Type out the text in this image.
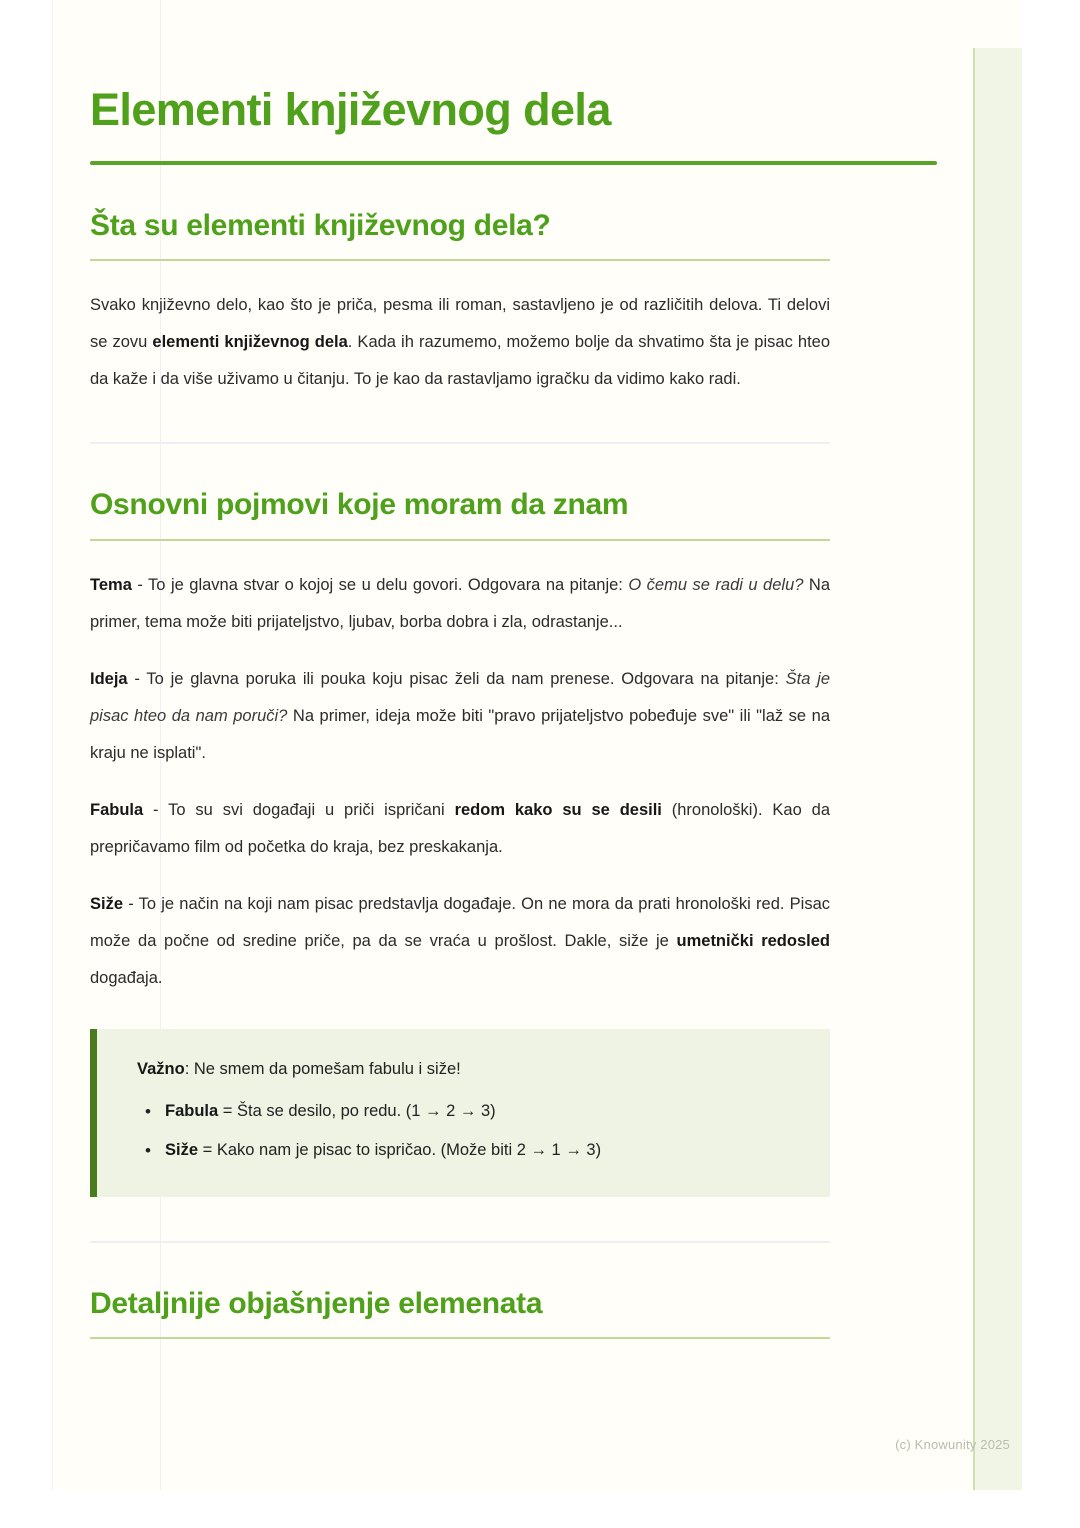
Elementi književnog dela
Šta su elementi književnog dela?

Svako književno delo, kao što je priča, pesma ili roman, sastavljeno je od različitih delova. Ti delovi se zovu elementi književnog dela. Kada ih razumemo, možemo bolje da shvatimo šta je pisac hteo da kaže i da više uživamo u čitanju. To je kao da rastavljamo igračku da vidimo kako radi.

Osnovni pojmovi koje moram da znam

Tema - To je glavna stvar o kojoj se u delu govori. Odgovara na pitanje: O čemu se radi u delu? Na primer, tema može biti prijateljstvo, ljubav, borba dobra i zla, odrastanje...

Ideja - To je glavna poruka ili pouka koju pisac želi da nam prenese. Odgovara na pitanje: Šta je pisac hteo da nam poruči? Na primer, ideja može biti "pravo prijateljstvo pobeđuje sve" ili "laž se na kraju ne isplati".

Fabula - To su svi događaji u priči ispričani redom kako su se desili (hronološki). Kao da prepričavamo film od početka do kraja, bez preskakanja.

Siže - To je način na koji nam pisac predstavlja događaje. On ne mora da prati hronološki red. Pisac može da počne od sredine priče, pa da se vraća u prošlost. Dakle, siže je umetnički redosled događaja.

Važno: Ne smem da pomešam fabulu i siže!

• Fabula = Šta se desilo, po redu. (1 → 2 → 3)
• Siže = Kako nam je pisac to ispričao. (Može biti 2 → 1 → 3)
Detaljnije objašnjenje elemenata
(c) Knowunity 2025
